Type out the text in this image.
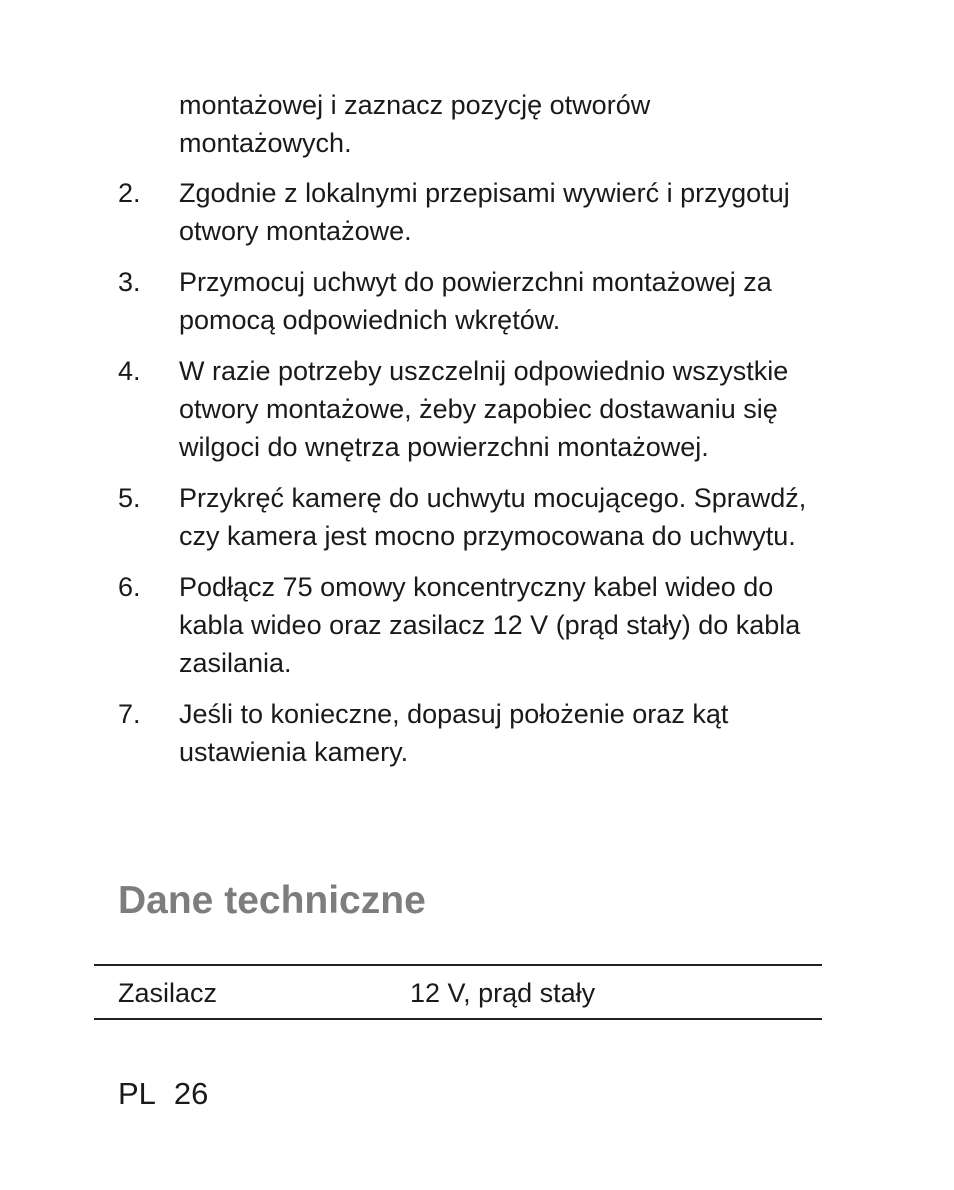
montażowej i zaznacz pozycję otworów montażowych.
2.	Zgodnie z lokalnymi przepisami wywierć i przygotuj otwory montażowe.
3.	Przymocuj uchwyt do powierzchni montażowej za pomocą odpowiednich wkrętów.
4.	W razie potrzeby uszczelnij odpowiednio wszystkie otwory montażowe, żeby zapobiec dostawaniu się wilgoci do wnętrza powierzchni montażowej.
5.	Przykręć kamerę do uchwytu mocującego. Sprawdź, czy kamera jest mocno przymocowana do uchwytu.
6.	Podłącz 75 omowy koncentryczny kabel wideo do kabla wideo oraz zasilacz 12 V (prąd stały) do kabla zasilania.
7.	Jeśli to konieczne, dopasuj położenie oraz kąt ustawienia kamery.
Dane techniczne
Zasilacz	12 V, prąd stały
PL 26
